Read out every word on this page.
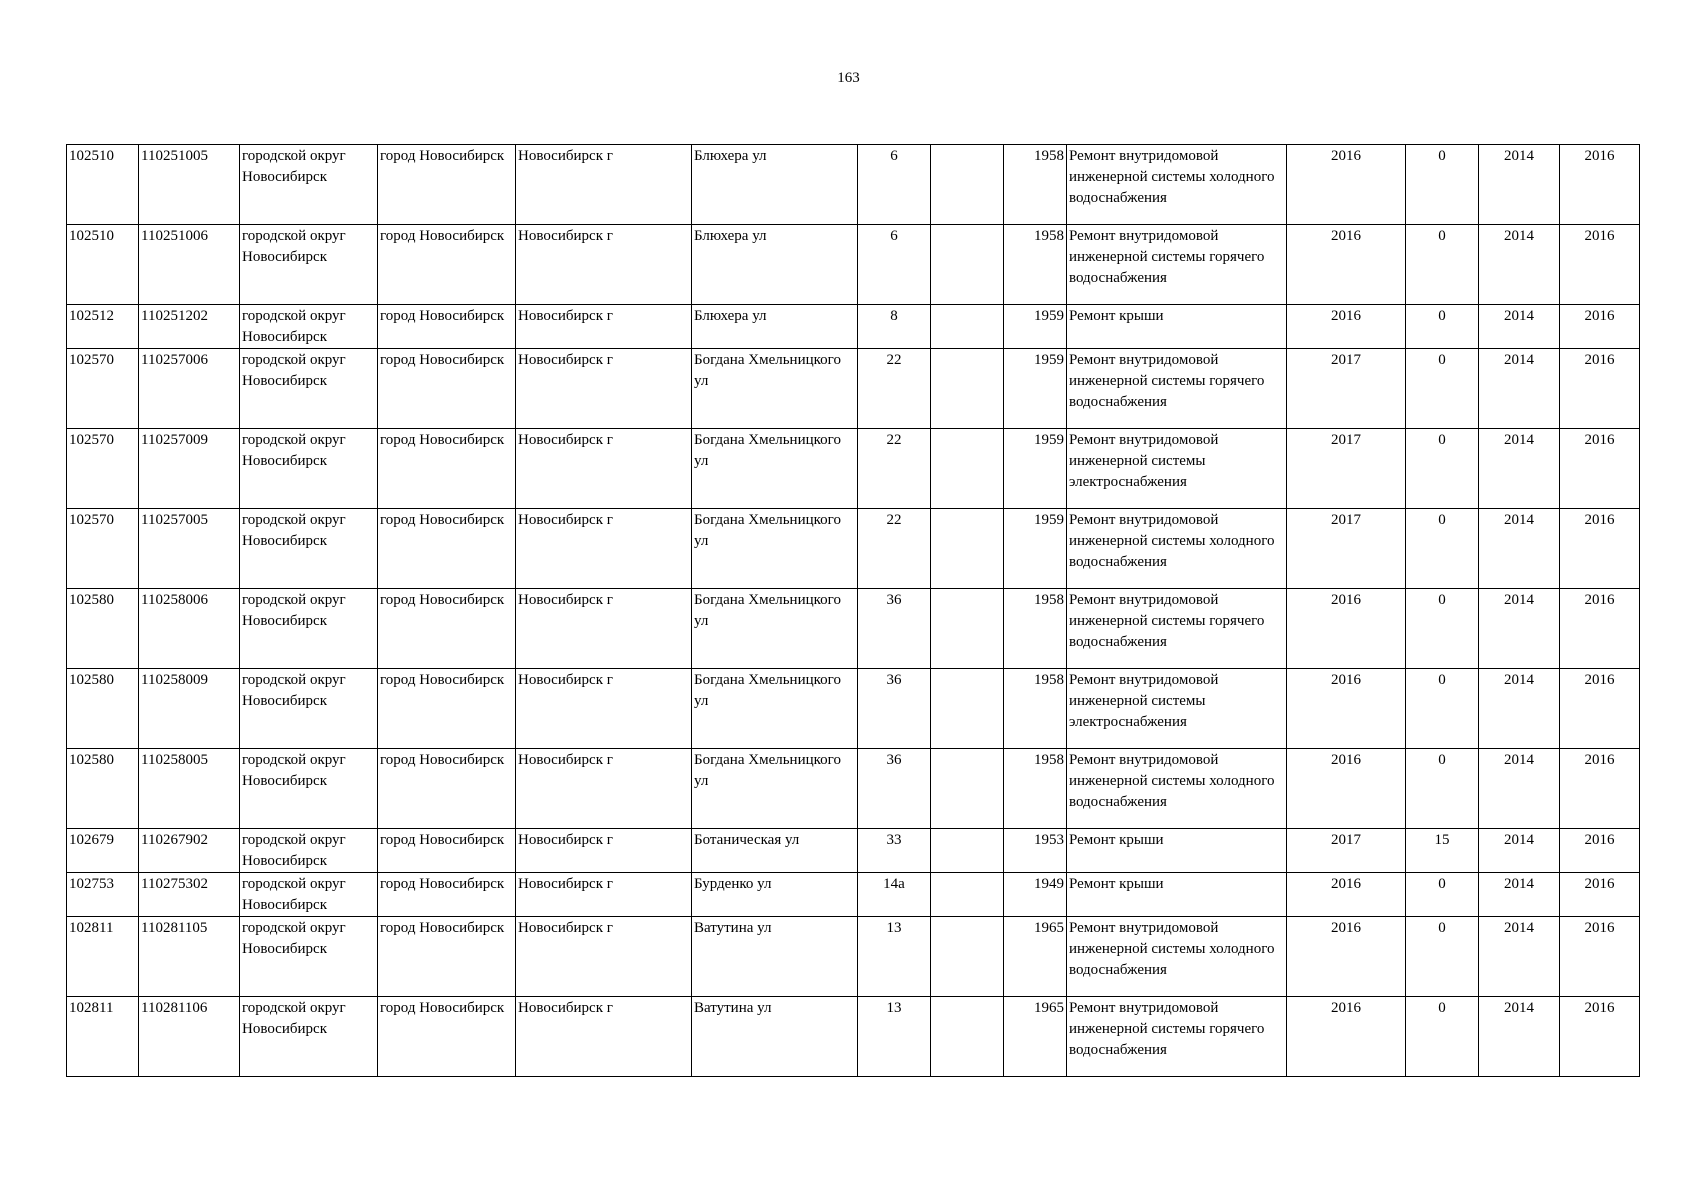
163
102510	110251005	городской округ Новосибирск	город Новосибирск	Новосибирск г	Блюхера ул	6		1958	Ремонт внутридомовой инженерной системы холодного водоснабжения	2016	0	2014	2016
102510	110251006	городской округ Новосибирск	город Новосибирск	Новосибирск г	Блюхера ул	6		1958	Ремонт внутридомовой инженерной системы горячего водоснабжения	2016	0	2014	2016
102512	110251202	городской округ Новосибирск	город Новосибирск	Новосибирск г	Блюхера ул	8		1959	Ремонт крыши	2016	0	2014	2016
102570	110257006	городской округ Новосибирск	город Новосибирск	Новосибирск г	Богдана Хмельницкого ул	22		1959	Ремонт внутридомовой инженерной системы горячего водоснабжения	2017	0	2014	2016
102570	110257009	городской округ Новосибирск	город Новосибирск	Новосибирск г	Богдана Хмельницкого ул	22		1959	Ремонт внутридомовой инженерной системы электроснабжения	2017	0	2014	2016
102570	110257005	городской округ Новосибирск	город Новосибирск	Новосибирск г	Богдана Хмельницкого ул	22		1959	Ремонт внутридомовой инженерной системы холодного водоснабжения	2017	0	2014	2016
102580	110258006	городской округ Новосибирск	город Новосибирск	Новосибирск г	Богдана Хмельницкого ул	36		1958	Ремонт внутридомовой инженерной системы горячего водоснабжения	2016	0	2014	2016
102580	110258009	городской округ Новосибирск	город Новосибирск	Новосибирск г	Богдана Хмельницкого ул	36		1958	Ремонт внутридомовой инженерной системы электроснабжения	2016	0	2014	2016
102580	110258005	городской округ Новосибирск	город Новосибирск	Новосибирск г	Богдана Хмельницкого ул	36		1958	Ремонт внутридомовой инженерной системы холодного водоснабжения	2016	0	2014	2016
102679	110267902	городской округ Новосибирск	город Новосибирск	Новосибирск г	Ботаническая ул	33		1953	Ремонт крыши	2017	15	2014	2016
102753	110275302	городской округ Новосибирск	город Новосибирск	Новосибирск г	Бурденко ул	14а		1949	Ремонт крыши	2016	0	2014	2016
102811	110281105	городской округ Новосибирск	город Новосибирск	Новосибирск г	Ватутина ул	13		1965	Ремонт внутридомовой инженерной системы холодного водоснабжения	2016	0	2014	2016
102811	110281106	городской округ Новосибирск	город Новосибирск	Новосибирск г	Ватутина ул	13		1965	Ремонт внутридомовой инженерной системы горячего водоснабжения	2016	0	2014	2016
